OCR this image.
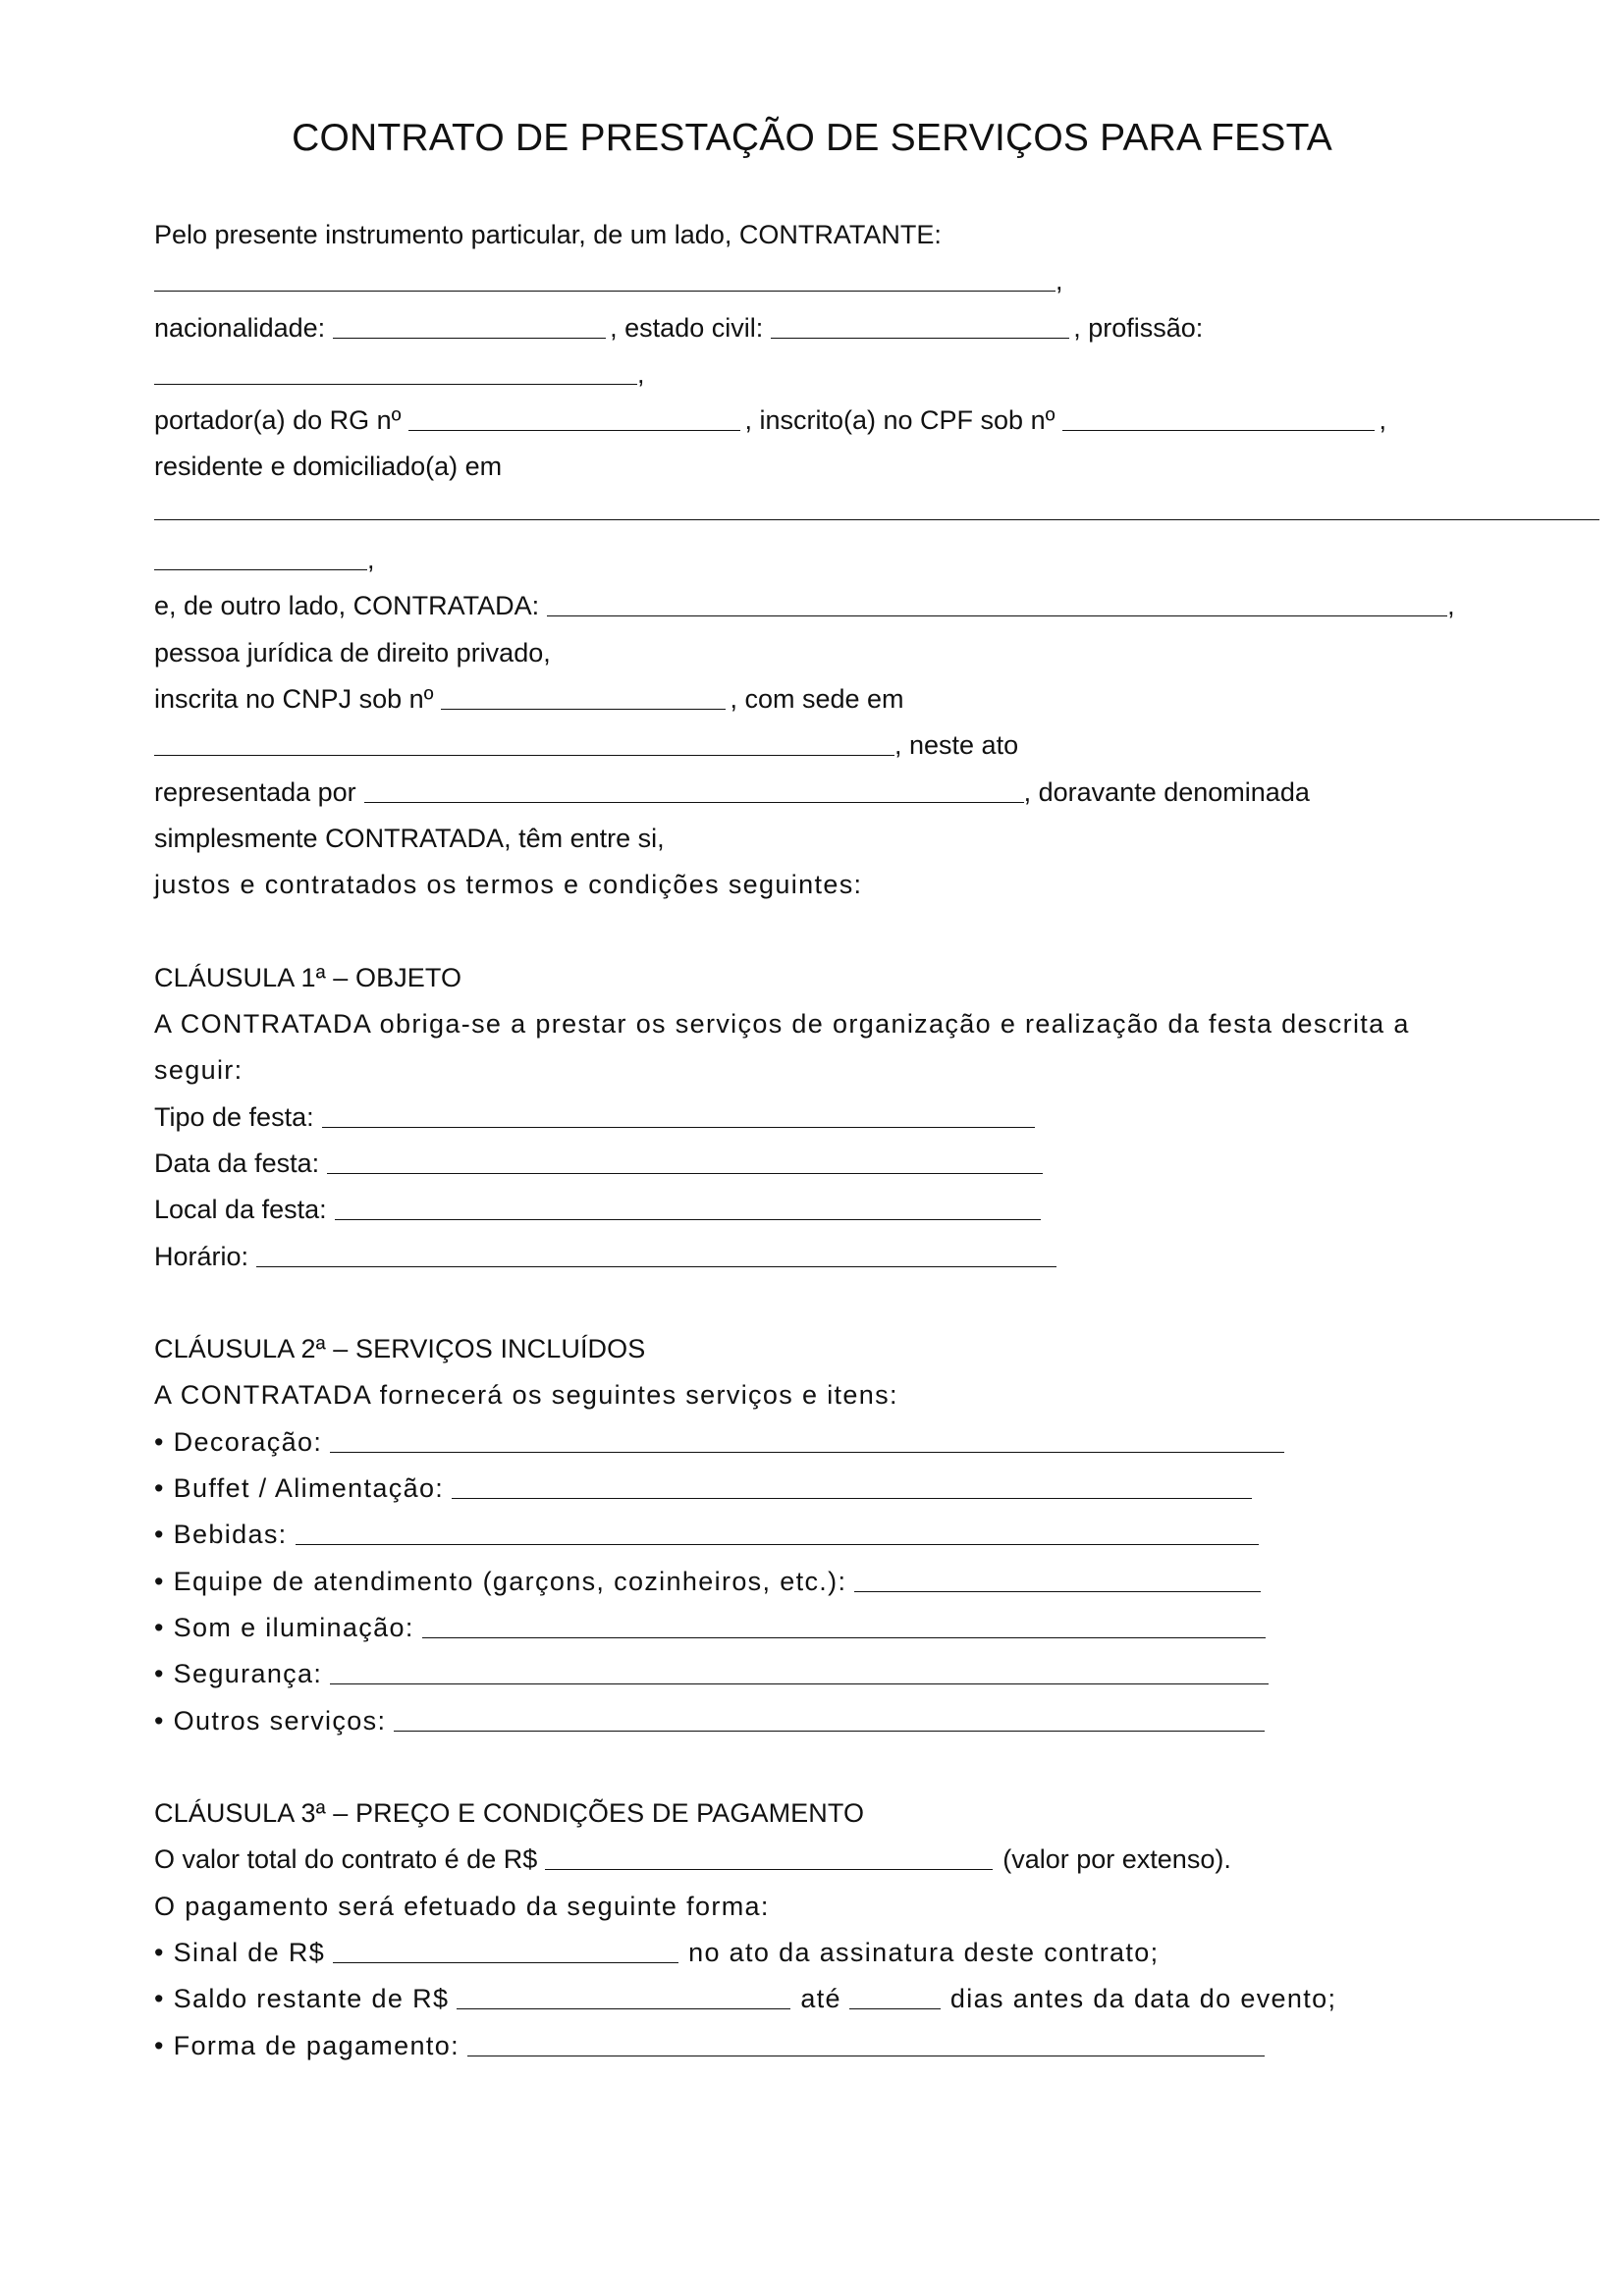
CONTRATO DE PRESTAÇÃO DE SERVIÇOS PARA FESTA
Pelo presente instrumento particular, de um lado, CONTRATANTE:
,
nacionalidade:	, estado civil:	, profissão:
,
portador(a) do RG nº	, inscrito(a) no CPF sob nº	,
residente e domiciliado(a) em
,
e, de outro lado, CONTRATADA:	,
pessoa jurídica de direito privado,
inscrita no CNPJ sob nº	, com sede em
, neste ato
representada por	, doravante denominada
simplesmente CONTRATADA, têm entre si,
justos e contratados os termos e condições seguintes:
CLÁUSULA 1ª – OBJETO
A CONTRATADA obriga-se a prestar os serviços de organização e realização da festa descrita a
seguir:
Tipo de festa:
Data da festa:
Local da festa:
Horário:
CLÁUSULA 2ª – SERVIÇOS INCLUÍDOS
A CONTRATADA fornecerá os seguintes serviços e itens:
• Decoração:
• Buffet / Alimentação:
• Bebidas:
• Equipe de atendimento (garçons, cozinheiros, etc.):
• Som e iluminação:
• Segurança:
• Outros serviços:
CLÁUSULA 3ª – PREÇO E CONDIÇÕES DE PAGAMENTO
O valor total do contrato é de R$	(valor por extenso).
O pagamento será efetuado da seguinte forma:
• Sinal de R$	no ato da assinatura deste contrato;
• Saldo restante de R$	até	dias antes da data do evento;
• Forma de pagamento:
